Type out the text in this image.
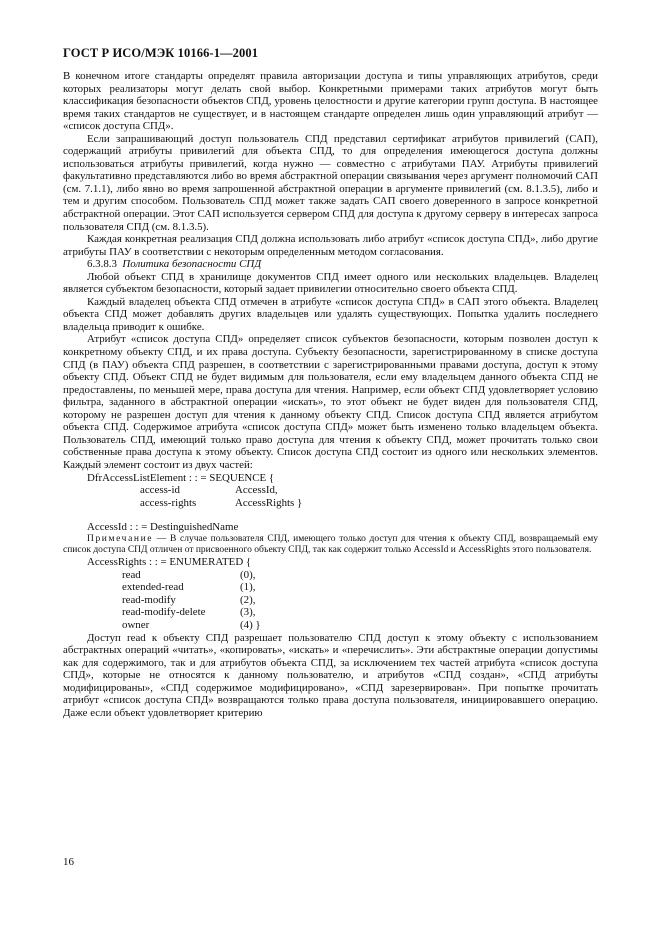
ГОСТ Р ИСО/МЭК 10166-1—2001

В конечном итоге стандарты определят правила авторизации доступа и типы управляющих атрибутов, среди которых реализаторы могут делать свой выбор. Конкретными примерами таких атрибутов могут быть классификация безопасности объектов СПД, уровень целостности и другие категории групп доступа. В настоящее время таких стандартов не существует, и в настоящем стандарте определен лишь один управляющий атрибут — «список доступа СПД».

Если запрашивающий доступ пользователь СПД представил сертификат атрибутов привилегий (САП), содержащий атрибуты привилегий для объекта СПД, то для определения имеющегося доступа должны использоваться атрибуты привилегий, когда нужно — совместно с атрибутами ПАУ. Атрибуты привилегий факультативно представляются либо во время абстрактной операции связывания через аргумент полномочий САП (см. 7.1.1), либо явно во время запрошенной абстрактной операции в аргументе привилегий (см. 8.1.3.5), либо и тем и другим способом. Пользователь СПД может также задать САП своего доверенного в запросе конкретной абстрактной операции. Этот САП используется сервером СПД для доступа к другому серверу в интересах запроса пользователя СПД (см. 8.1.3.5).

Каждая конкретная реализация СПД должна использовать либо атрибут «список доступа СПД», либо другие атрибуты ПАУ в соответствии с некоторым определенным методом согласования.

6.3.8.3 Политика безопасности СПД

Любой объект СПД в хранилище документов СПД имеет одного или нескольких владельцев. Владелец является субъектом безопасности, который задает привилегии относительно своего объекта СПД.

Каждый владелец объекта СПД отмечен в атрибуте «список доступа СПД» в САП этого объекта. Владелец объекта СПД может добавлять других владельцев или удалять существующих. Попытка удалить последнего владельца приводит к ошибке.

Атрибут «список доступа СПД» определяет список субъектов безопасности, которым позволен доступ к конкретному объекту СПД, и их права доступа. Субъекту безопасности, зарегистрированному в списке доступа СПД (в ПАУ) объекта СПД разрешен, в соответствии с зарегистрированными правами доступа, доступ к этому объекту СПД. Объект СПД не будет видимым для пользователя, если ему владельцем данного объекта СПД не предоставлены, по меньшей мере, права доступа для чтения. Например, если объект СПД удовлетворяет условию фильтра, заданного в абстрактной операции «искать», то этот объект не будет виден для пользователя СПД, которому не разрешен доступ для чтения к данному объекту СПД. Список доступа СПД является атрибутом объекта СПД. Содержимое атрибута «список доступа СПД» может быть изменено только владельцем объекта. Пользователь СПД, имеющий только право доступа для чтения к объекту СПД, может прочитать только свои собственные права доступа к этому объекту. Список доступа СПД состоит из одного или нескольких элементов. Каждый элемент состоит из двух частей:

DfrAccessListElement : : = SEQUENCE {
access-id	AccessId,
access-rights	AccessRights }
AccessId : : = DestinguishedName

Примечание — В случае пользователя СПД, имеющего только доступ для чтения к объекту СПД, возвращаемый ему список доступа СПД отличен от присвоенного объекту СПД, так как содержит только AccessId и AccessRights этого пользователя.

AccessRights : : = ENUMERATED {
read	(0),
extended-read	(1),
read-modify	(2),
read-modify-delete	(3),
owner	(4) }

Доступ read к объекту СПД разрешает пользователю СПД доступ к этому объекту с использованием абстрактных операций «читать», «копировать», «искать» и «перечислить». Эти абстрактные операции допустимы как для содержимого, так и для атрибутов объекта СПД, за исключением тех частей атрибута «список доступа СПД», которые не относятся к данному пользователю, и атрибутов «СПД создан», «СПД атрибуты модифицированы», «СПД содержимое модифицировано», «СПД зарезервирован». При попытке прочитать атрибут «список доступа СПД» возвращаются только права доступа пользователя, инициировавшего операцию. Даже если объект удовлетворяет критерию

16
